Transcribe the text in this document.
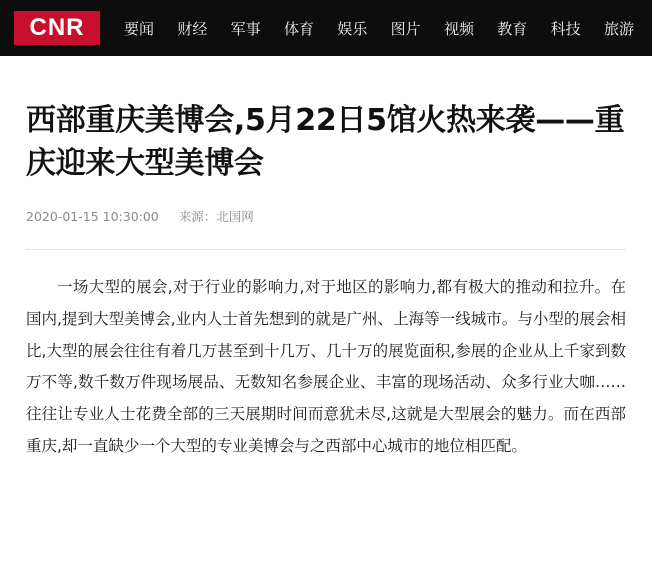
CNR	要闻 财经 军事 体育 娱乐 图片 视频 教育 科技 旅游
西部重庆美博会,5月22日5馆火热来袭——重庆迎来大型美博会
2020-01-15 10:30:00 来源：北国网

一场大型的展会,对于行业的影响力,对于地区的影响力,都有极大的推动和拉升。在国内,提到大型美博会,业内人士首先想到的就是广州、上海等一线城市。与小型的展会相比,大型的展会往往有着几万甚至到十几万、几十万的展览面积,参展的企业从上千家到数万不等,数千数万件现场展品、无数知名参展企业、丰富的现场活动、众多行业大咖……往往让专业人士花费全部的三天展期时间而意犹未尽,这就是大型展会的魅力。而在西部重庆,却一直缺少一个大型的专业美博会与之西部中心城市的地位相匹配。
